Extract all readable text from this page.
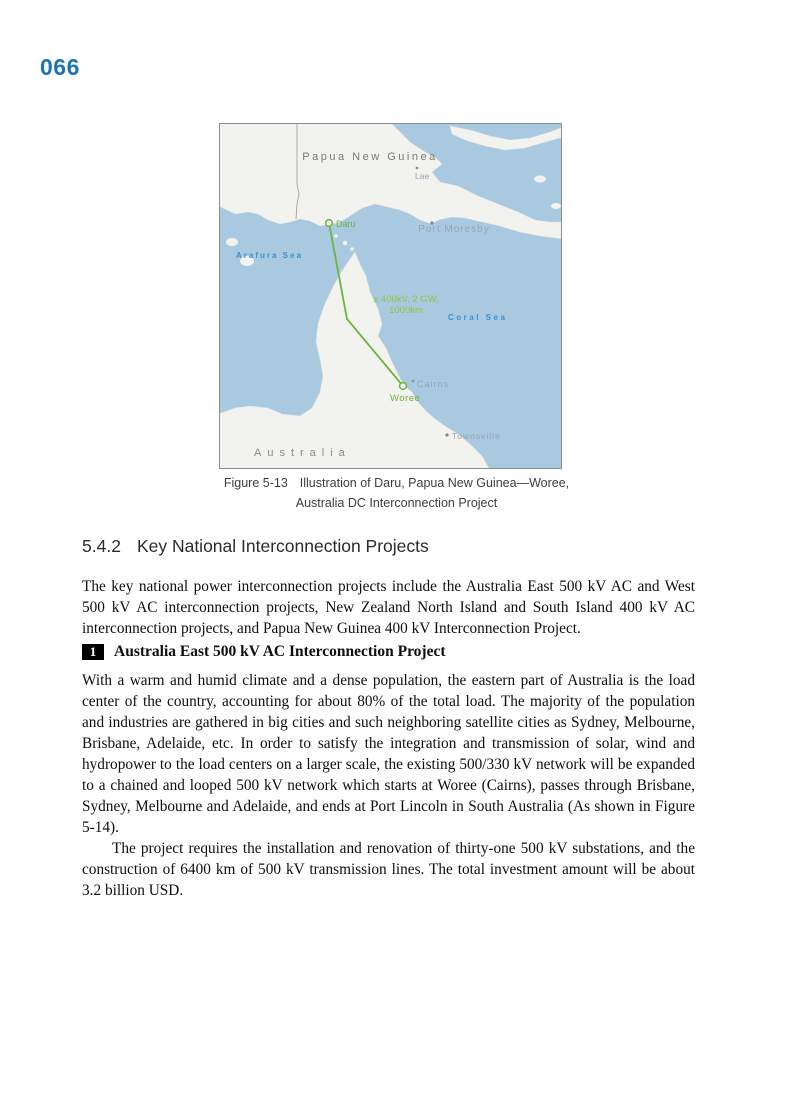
066
Papua New Guinea
Lae
Port Moresby
Arafura Sea
Coral Sea
Daru
± 400kV, 2 GW,
1000km
Cairns
Woree
Townsville
Australia
Figure 5-13 Illustration of Daru, Papua New Guinea—Woree,
Australia DC Interconnection Project
5.4.2 Key National Interconnection Projects

The key national power interconnection projects include the Australia East 500 kV AC and West 500 kV AC interconnection projects, New Zealand North Island and South Island 400 kV AC interconnection projects, and Papua New Guinea 400 kV Interconnection Project.

1	Australia East 500 kV AC Interconnection Project

With a warm and humid climate and a dense population, the eastern part of Australia is the load center of the country, accounting for about 80% of the total load. The majority of the population and industries are gathered in big cities and such neighboring satellite cities as Sydney, Melbourne, Brisbane, Adelaide, etc. In order to satisfy the integration and transmission of solar, wind and hydropower to the load centers on a larger scale, the existing 500/330 kV network will be expanded to a chained and looped 500 kV network which starts at Woree (Cairns), passes through Brisbane, Sydney, Melbourne and Adelaide, and ends at Port Lincoln in South Australia (As shown in Figure 5-14).

The project requires the installation and renovation of thirty-one 500 kV substations, and the construction of 6400 km of 500 kV transmission lines. The total investment amount will be about 3.2 billion USD.
